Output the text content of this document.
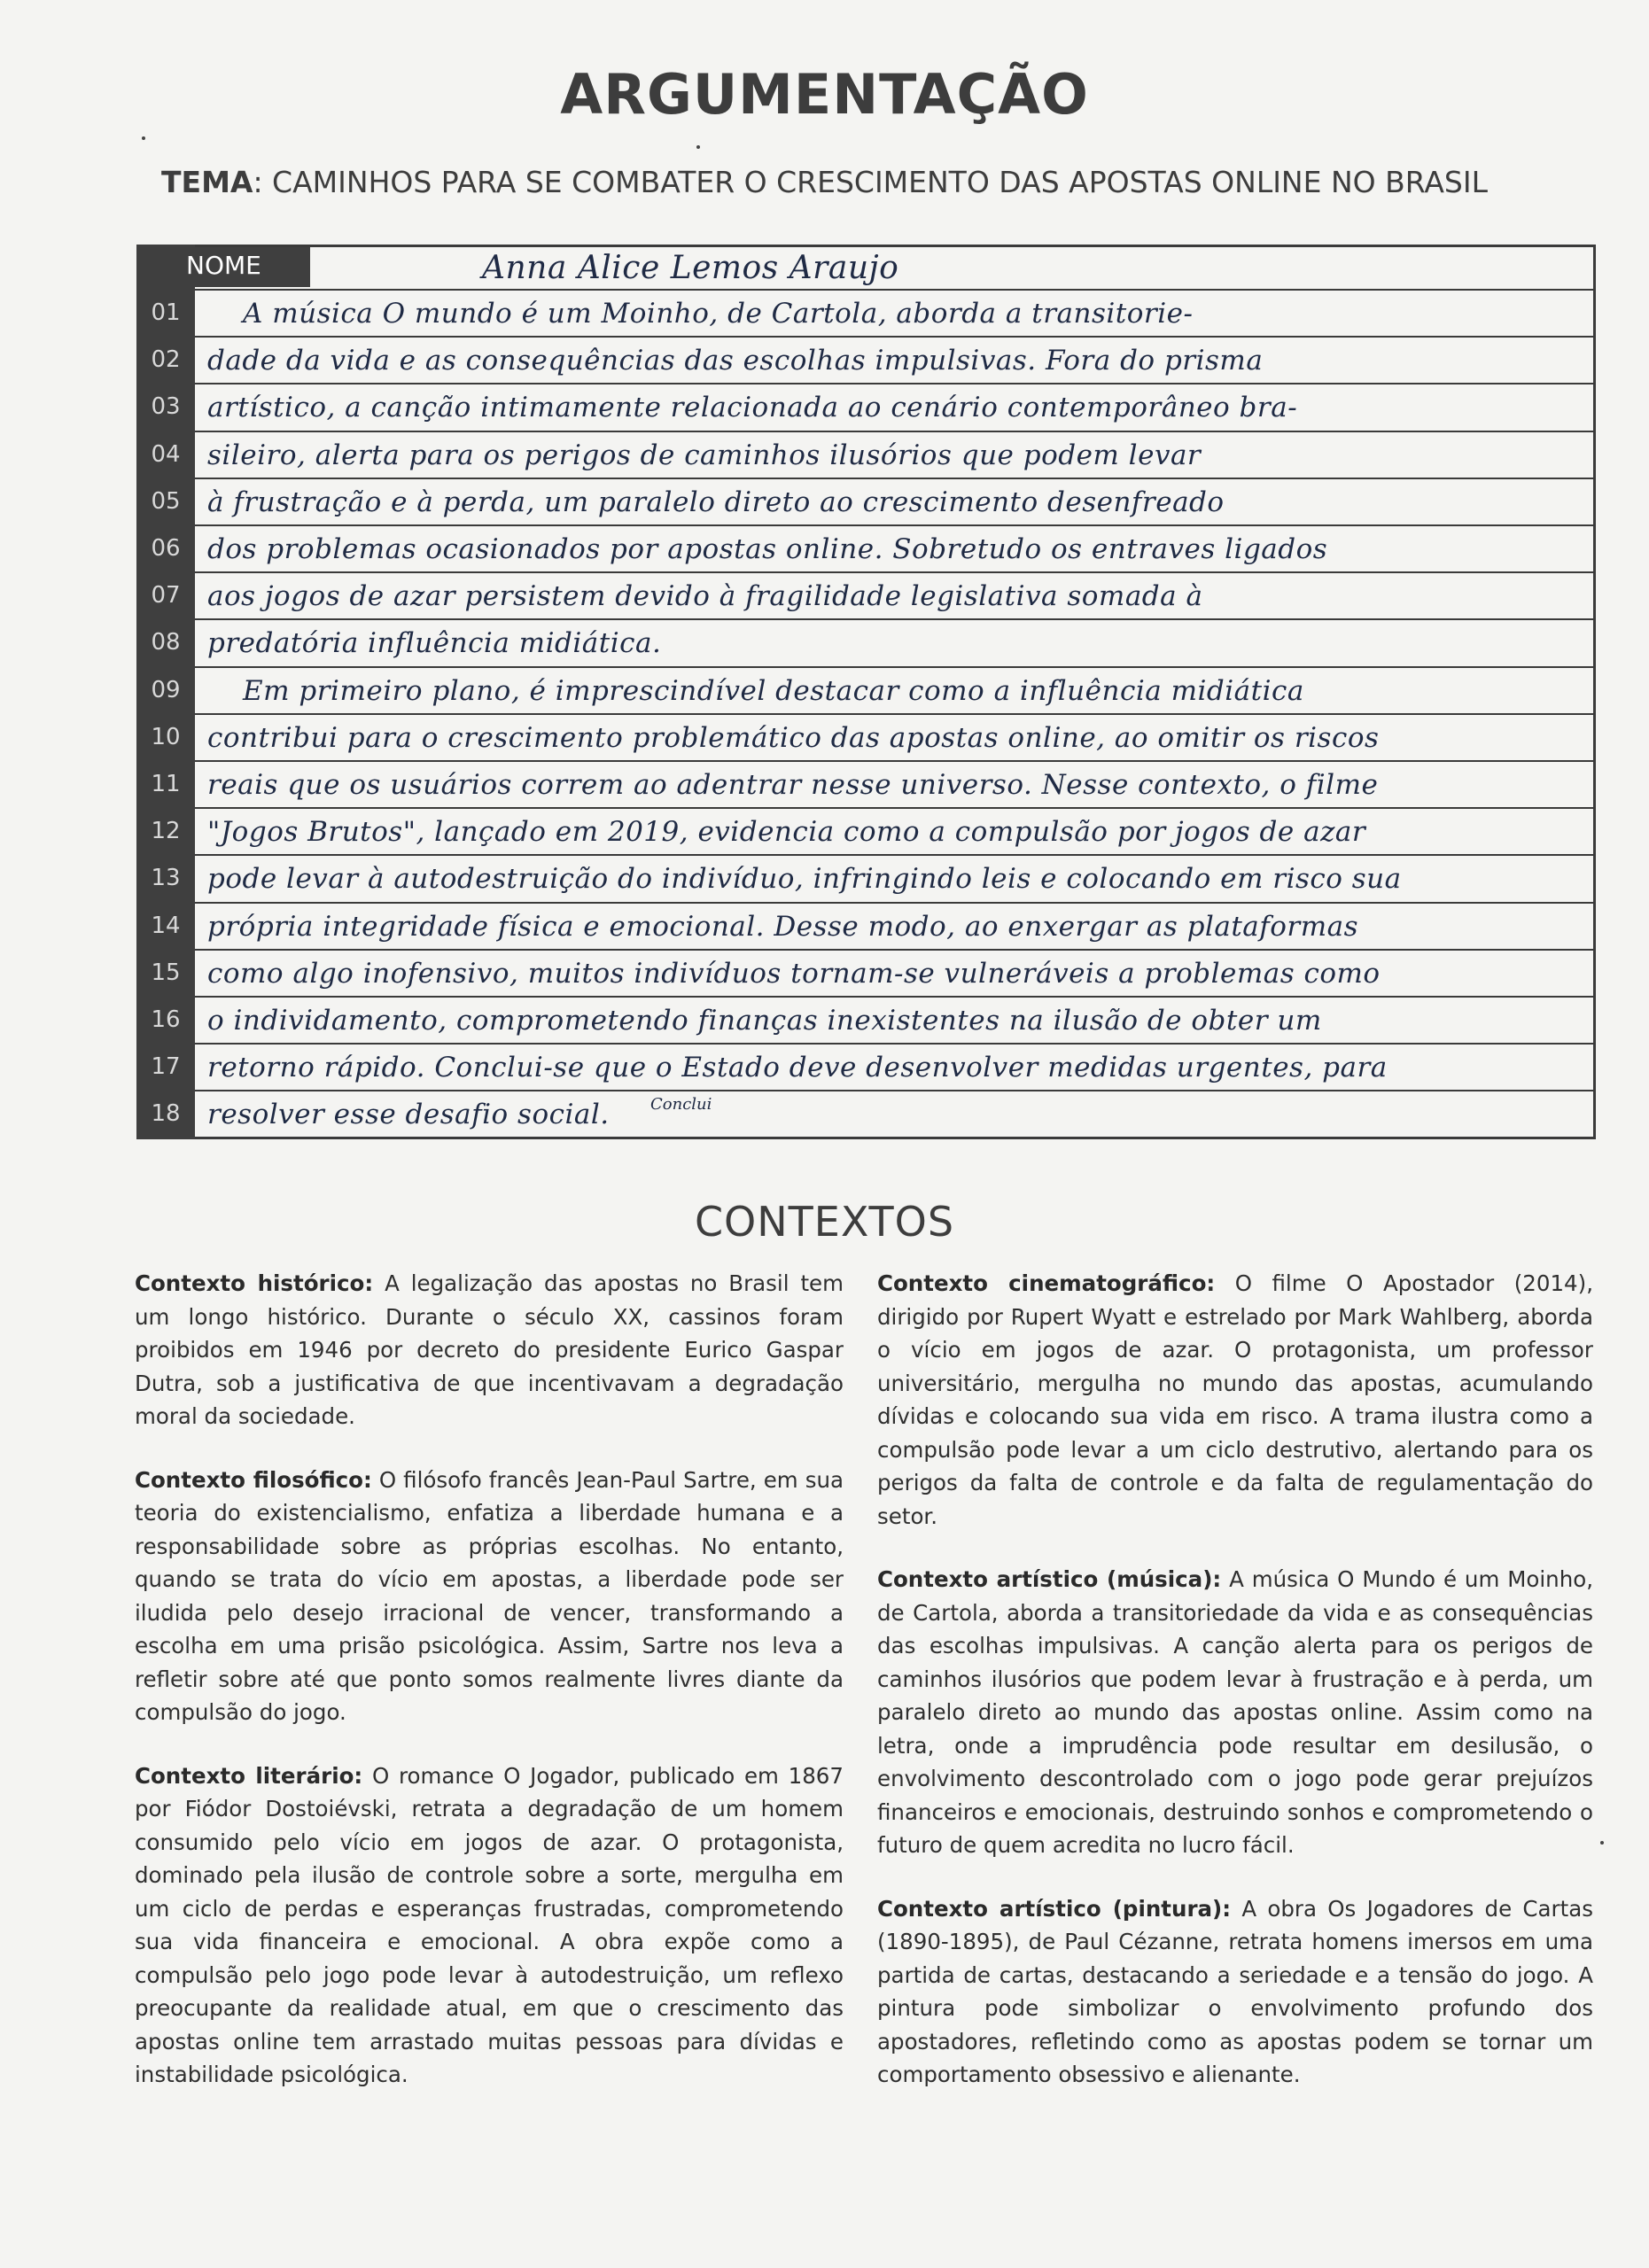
ARGUMENTAÇÃO
TEMA: CAMINHOS PARA SE COMBATER O CRESCIMENTO DAS APOSTAS ONLINE NO BRASIL
NOME	Anna Alice Lemos Araujo
Conclui
01	A música O mundo é um Moinho, de Cartola, aborda a transitorie-
02 dade da vida e as consequências das escolhas impulsivas. Fora do prisma
03 artístico, a canção intimamente relacionada ao cenário contemporâneo bra-
04 sileiro, alerta para os perigos de caminhos ilusórios que podem levar
05 à frustração e à perda, um paralelo direto ao crescimento desenfreado
06 dos problemas ocasionados por apostas online. Sobretudo os entraves ligados
07 aos jogos de azar persistem devido à fragilidade legislativa somada à
08 predatória influência midiática.
09	Em primeiro plano, é imprescindível destacar como a influência midiática
10 contribui para o crescimento problemático das apostas online, ao omitir os riscos
11 reais que os usuários correm ao adentrar nesse universo. Nesse contexto, o filme
12 "Jogos Brutos", lançado em 2019, evidencia como a compulsão por jogos de azar
13 pode levar à autodestruição do indivíduo, infringindo leis e colocando em risco sua
14 própria integridade física e emocional. Desse modo, ao enxergar as plataformas
15 como algo inofensivo, muitos indivíduos tornam-se vulneráveis a problemas como
16 o individamento, comprometendo finanças inexistentes na ilusão de obter um
17 retorno rápido. Conclui-se que o Estado deve desenvolver medidas urgentes, para
18 resolver esse desafio social.
CONTEXTOS

Contexto histórico: A legalização das apostas no Brasil tem um longo histórico. Durante o século XX, cassinos foram proibidos em 1946 por decreto do presidente Eurico Gaspar Dutra, sob a justificativa de que incentivavam a degradação moral da sociedade.

Contexto filosófico: O filósofo francês Jean-Paul Sartre, em sua teoria do existencialismo, enfatiza a liberdade humana e a responsabilidade sobre as próprias escolhas. No entanto, quando se trata do vício em apostas, a liberdade pode ser iludida pelo desejo irracional de vencer, transformando a escolha em uma prisão psicológica. Assim, Sartre nos leva a refletir sobre até que ponto somos realmente livres diante da compulsão do jogo.

Contexto literário: O romance O Jogador, publicado em 1867 por Fiódor Dostoiévski, retrata a degradação de um homem consumido pelo vício em jogos de azar. O protagonista, dominado pela ilusão de controle sobre a sorte, mergulha em um ciclo de perdas e esperanças frustradas, comprometendo sua vida financeira e emocional. A obra expõe como a compulsão pelo jogo pode levar à autodestruição, um reflexo preocupante da realidade atual, em que o crescimento das apostas online tem arrastado muitas pessoas para dívidas e instabilidade psicológica.

Contexto cinematográfico: O filme O Apostador (2014), dirigido por Rupert Wyatt e estrelado por Mark Wahlberg, aborda o vício em jogos de azar. O protagonista, um professor universitário, mergulha no mundo das apostas, acumulando dívidas e colocando sua vida em risco. A trama ilustra como a compulsão pode levar a um ciclo destrutivo, alertando para os perigos da falta de controle e da falta de regulamentação do setor.

Contexto artístico (música): A música O Mundo é um Moinho, de Cartola, aborda a transitoriedade da vida e as consequências das escolhas impulsivas. A canção alerta para os perigos de caminhos ilusórios que podem levar à frustração e à perda, um paralelo direto ao mundo das apostas online. Assim como na letra, onde a imprudência pode resultar em desilusão, o envolvimento descontrolado com o jogo pode gerar prejuízos financeiros e emocionais, destruindo sonhos e comprometendo o futuro de quem acredita no lucro fácil.

Contexto artístico (pintura): A obra Os Jogadores de Cartas (1890-1895), de Paul Cézanne, retrata homens imersos em uma partida de cartas, destacando a seriedade e a tensão do jogo. A pintura pode simbolizar o envolvimento profundo dos apostadores, refletindo como as apostas podem se tornar um comportamento obsessivo e alienante.
